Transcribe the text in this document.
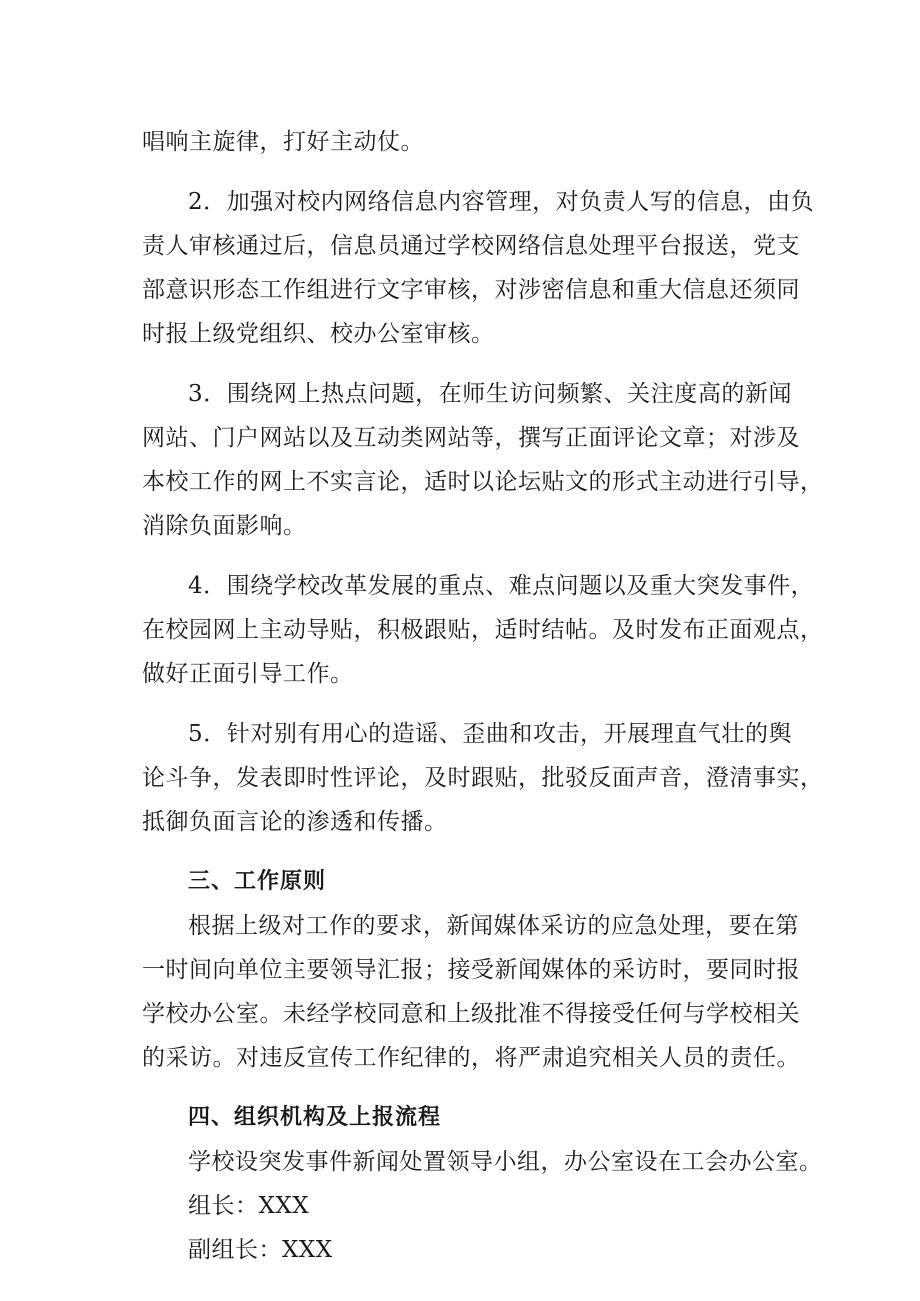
唱响主旋律，打好主动仗。
2．加强对校内网络信息内容管理，对负责人写的信息，由负
责人审核通过后，信息员通过学校网络信息处理平台报送，党支
部意识形态工作组进行文字审核，对涉密信息和重大信息还须同
时报上级党组织、校办公室审核。
3．围绕网上热点问题，在师生访问频繁、关注度高的新闻
网站、门户网站以及互动类网站等，撰写正面评论文章；对涉及
本校工作的网上不实言论，适时以论坛贴文的形式主动进行引导，
消除负面影响。
4．围绕学校改革发展的重点、难点问题以及重大突发事件，
在校园网上主动导贴，积极跟贴，适时结帖。及时发布正面观点，
做好正面引导工作。
5．针对别有用心的造谣、歪曲和攻击，开展理直气壮的舆
论斗争，发表即时性评论，及时跟贴，批驳反面声音，澄清事实，
抵御负面言论的渗透和传播。
三、工作原则
根据上级对工作的要求，新闻媒体采访的应急处理，要在第
一时间向单位主要领导汇报；接受新闻媒体的采访时，要同时报
学校办公室。未经学校同意和上级批准不得接受任何与学校相关
的采访。对违反宣传工作纪律的，将严肃追究相关人员的责任。
四、组织机构及上报流程
学校设突发事件新闻处置领导小组，办公室设在工会办公室。
组长：XXX
副组长：XXX
